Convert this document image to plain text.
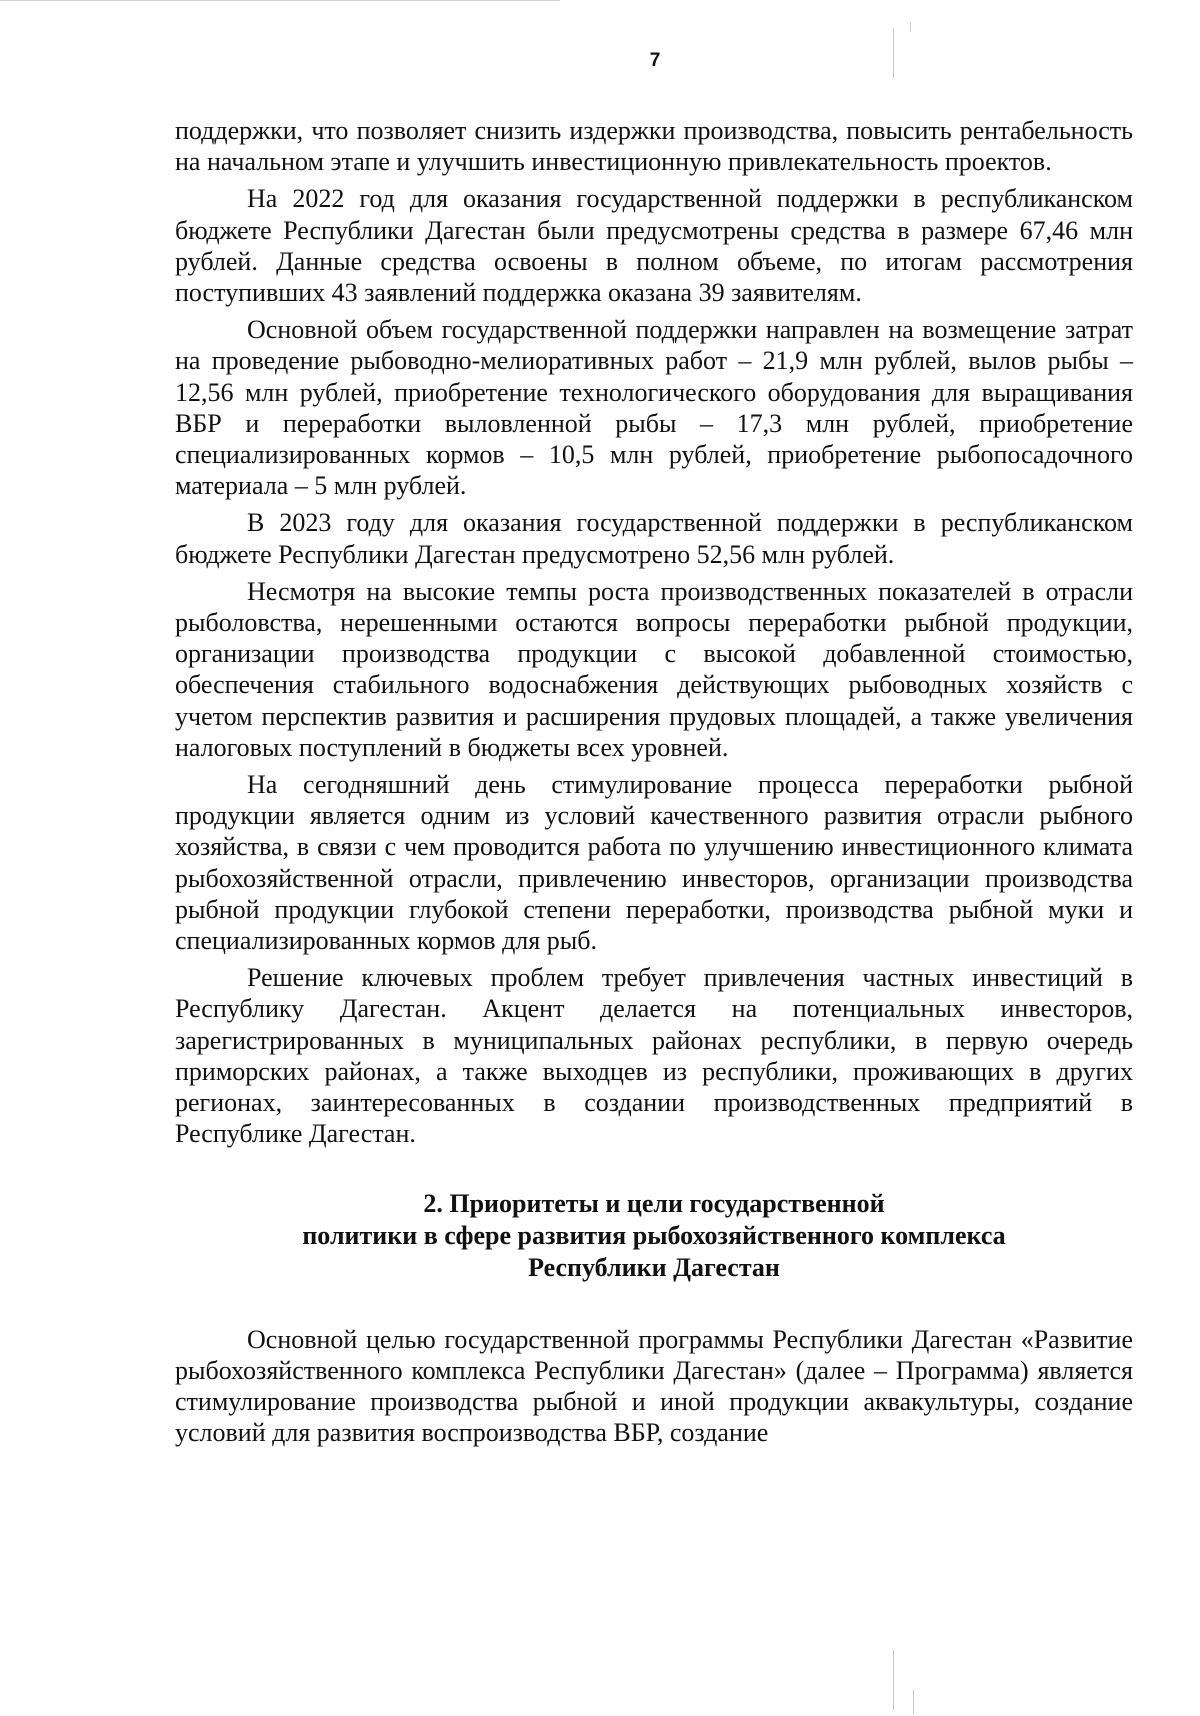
7

поддержки, что позволяет снизить издержки производства, повысить рентабельность на начальном этапе и улучшить инвестиционную привлекательность проектов.

На 2022 год для оказания государственной поддержки в республиканском бюджете Республики Дагестан были предусмотрены средства в размере 67,46 млн рублей. Данные средства освоены в полном объеме, по итогам рассмотрения поступивших 43 заявлений поддержка оказана 39 заявителям.

Основной объем государственной поддержки направлен на возмещение затрат на проведение рыбоводно-мелиоративных работ – 21,9 млн рублей, вылов рыбы – 12,56 млн рублей, приобретение технологического оборудования для выращивания ВБР и переработки выловленной рыбы – 17,3 млн рублей, приобретение специализированных кормов – 10,5 млн рублей, приобретение рыбопосадочного материала – 5 млн рублей.

В 2023 году для оказания государственной поддержки в республиканском бюджете Республики Дагестан предусмотрено 52,56 млн рублей.

Несмотря на высокие темпы роста производственных показателей в отрасли рыболовства, нерешенными остаются вопросы переработки рыбной продукции, организации производства продукции с высокой добавленной стоимостью, обеспечения стабильного водоснабжения действующих рыбоводных хозяйств с учетом перспектив развития и расширения прудовых площадей, а также увеличения налоговых поступлений в бюджеты всех уровней.

На сегодняшний день стимулирование процесса переработки рыбной продукции является одним из условий качественного развития отрасли рыбного хозяйства, в связи с чем проводится работа по улучшению инвестиционного климата рыбохозяйственной отрасли, привлечению инвесторов, организации производства рыбной продукции глубокой степени переработки, производства рыбной муки и специализированных кормов для рыб.

Решение ключевых проблем требует привлечения частных инвестиций в Республику Дагестан. Акцент делается на потенциальных инвесторов, зарегистрированных в муниципальных районах республики, в первую очередь приморских районах, а также выходцев из республики, проживающих в других регионах, заинтересованных в создании производственных предприятий в Республике Дагестан.

2. Приоритеты и цели государственной
политики в сфере развития рыбохозяйственного комплекса
Республики Дагестан

Основной целью государственной программы Республики Дагестан «Развитие рыбохозяйственного комплекса Республики Дагестан» (далее – Программа) является стимулирование производства рыбной и иной продукции аквакультуры, создание условий для развития воспроизводства ВБР, создание
